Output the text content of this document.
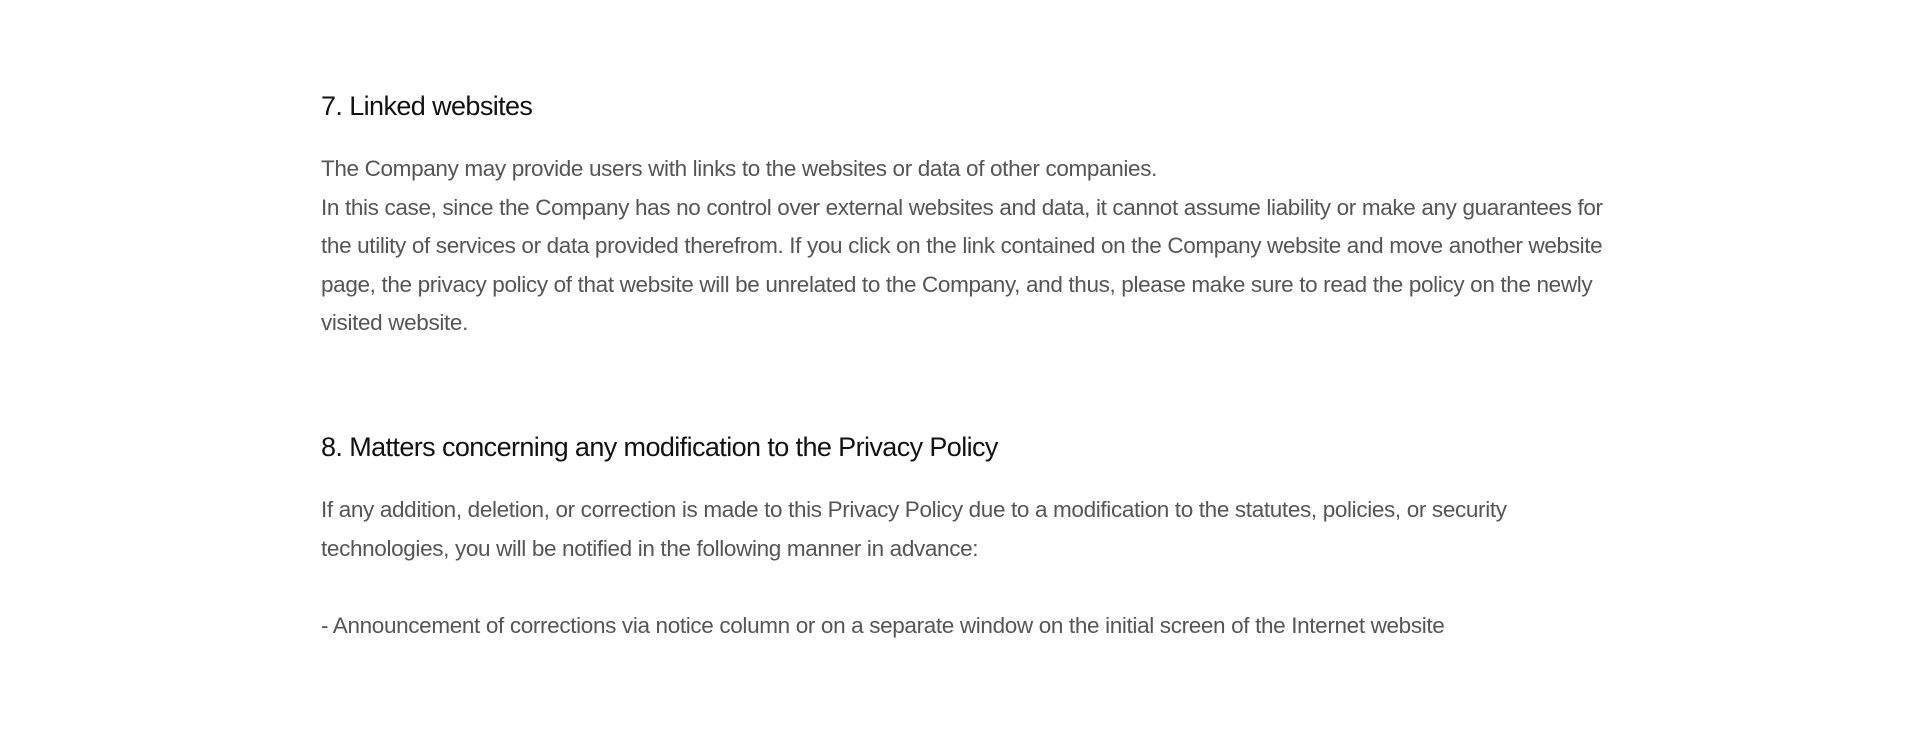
7. Linked websites

The Company may provide users with links to the websites or data of other companies.

In this case, since the Company has no control over external websites and data, it cannot assume liability or make any guarantees for the utility of services or data provided therefrom. If you click on the link contained on the Company website and move another website page, the privacy policy of that website will be unrelated to the Company, and thus, please make sure to read the policy on the newly visited website.

8. Matters concerning any modification to the Privacy Policy

If any addition, deletion, or correction is made to this Privacy Policy due to a modification to the statutes, policies, or security technologies, you will be notified in the following manner in advance:

- Announcement of corrections via notice column or on a separate window on the initial screen of the Internet website
